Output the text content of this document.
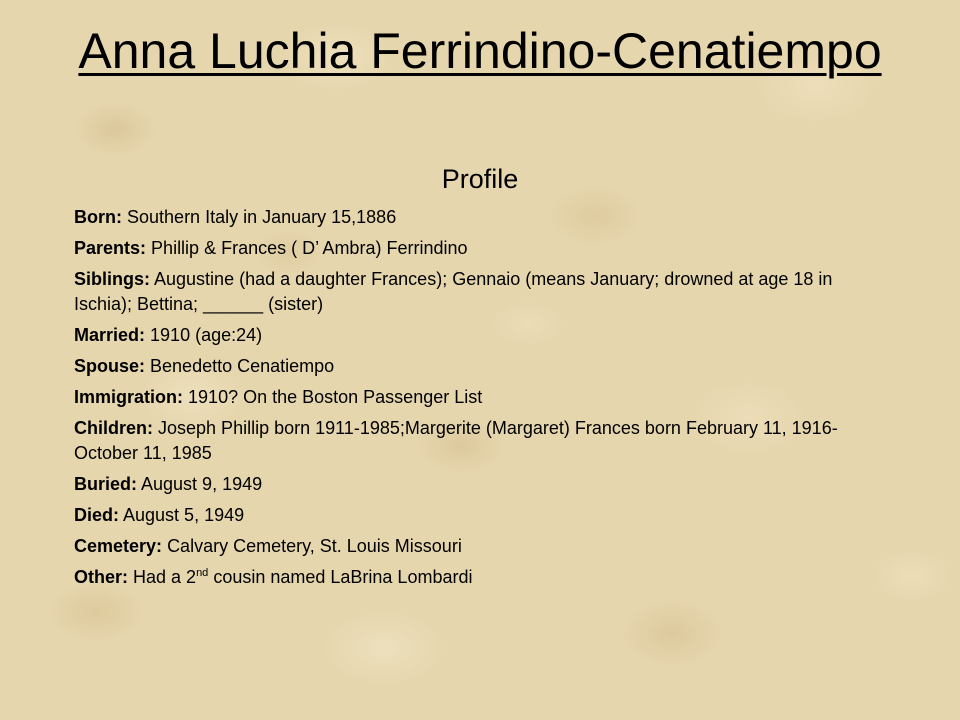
Anna Luchia Ferrindino-Cenatiempo
Profile
Born: Southern Italy in January 15,1886
Parents: Phillip & Frances ( D’ Ambra) Ferrindino
Siblings: Augustine (had a daughter Frances); Gennaio (means January; drowned at age 18 in Ischia); Bettina; ______ (sister)
Married: 1910 (age:24)
Spouse: Benedetto Cenatiempo
Immigration: 1910? On the Boston Passenger List
Children: Joseph Phillip born 1911-1985;Margerite (Margaret) Frances born February 11, 1916- October 11, 1985
Buried: August 9, 1949
Died: August 5, 1949
Cemetery: Calvary Cemetery, St. Louis Missouri
Other: Had a 2nd cousin named LaBrina Lombardi
